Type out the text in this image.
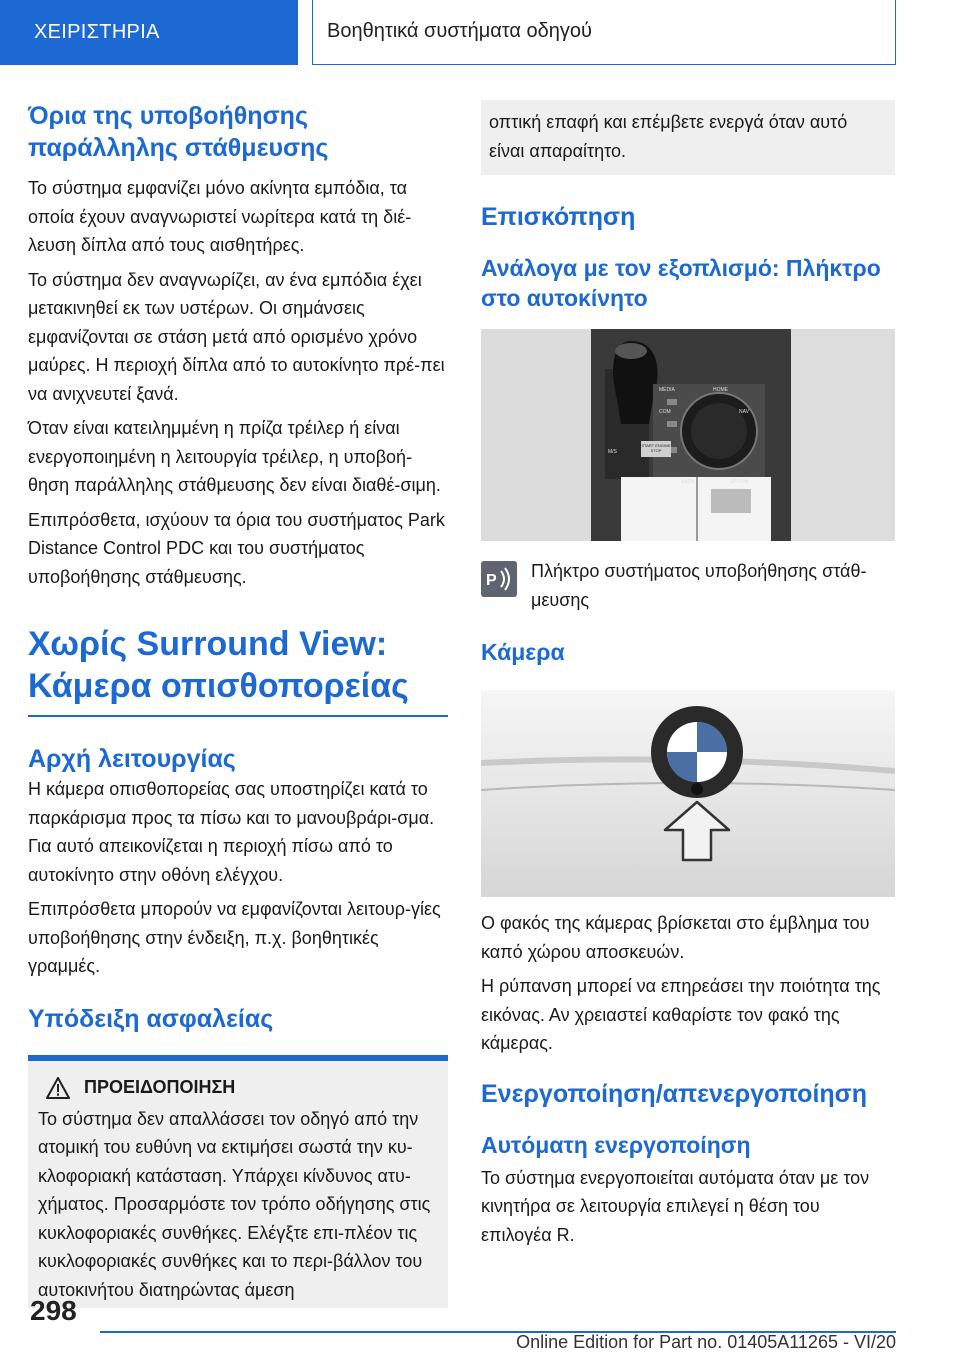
ΧΕΙΡΙΣΤΗΡΙΑ	Βοηθητικά συστήματα οδηγού
Όρια της υποβοήθησης παράλληλης στάθμευσης

Το σύστημα εμφανίζει μόνο ακίνητα εμπόδια, τα οποία έχουν αναγνωριστεί νωρίτερα κατά τη διέ-λευση δίπλα από τους αισθητήρες.

Το σύστημα δεν αναγνωρίζει, αν ένα εμπόδια έχει μετακινηθεί εκ των υστέρων. Οι σημάνσεις εμφανίζονται σε στάση μετά από ορισμένο χρόνο μαύρες. Η περιοχή δίπλα από το αυτοκίνητο πρέ-πει να ανιχνευτεί ξανά.

Όταν είναι κατειλημμένη η πρίζα τρέιλερ ή είναι ενεργοποιημένη η λειτουργία τρέιλερ, η υποβοή-θηση παράλληλης στάθμευσης δεν είναι διαθέ-σιμη.

Επιπρόσθετα, ισχύουν τα όρια του συστήματος Park Distance Control PDC και του συστήματος υποβοήθησης στάθμευσης.

Χωρίς Surround View: Κάμερα οπισθοπορείας
Αρχή λειτουργίας

Η κάμερα οπισθοπορείας σας υποστηρίζει κατά το παρκάρισμα προς τα πίσω και το μανουβράρι-σμα. Για αυτό απεικονίζεται η περιοχή πίσω από το αυτοκίνητο στην οθόνη ελέγχου.

Επιπρόσθετα μπορούν να εμφανίζονται λειτουρ-γίες υποβοήθησης στην ένδειξη, π.χ. βοηθητικές γραμμές.

Υπόδειξη ασφαλείας
ΠΡΟΕΙΔΟΠΟΙΗΣΗ

Το σύστημα δεν απαλλάσσει τον οδηγό από την ατομική του ευθύνη να εκτιμήσει σωστά την κυ-κλοφοριακή κατάσταση. Υπάρχει κίνδυνος ατυ-χήματος. Προσαρμόστε τον τρόπο οδήγησης στις κυκλοφοριακές συνθήκες. Ελέγξτε επι-πλέον τις κυκλοφοριακές συνθήκες και το περι-βάλλον του αυτοκινήτου διατηρώντας άμεση

οπτική επαφή και επέμβετε ενεργά όταν αυτό είναι απαραίτητο.

Επισκόπηση
Ανάλογα με τον εξοπλισμό: Πλήκτρο στο αυτοκίνητο
MEDIA	HOME
COM	NAV
BACK	OPTION
START ENGINE STOP
M/S
P Πλήκτρο συστήματος υποβοήθησης στάθ-μευσης

Κάμερα

Ο φακός της κάμερας βρίσκεται στο έμβλημα του καπό χώρου αποσκευών.

Η ρύπανση μπορεί να επηρεάσει την ποιότητα της εικόνας. Αν χρειαστεί καθαρίστε τον φακό της κάμερας.

Ενεργοποίηση/απενεργοποίηση
Αυτόματη ενεργοποίηση

Το σύστημα ενεργοποιείται αυτόματα όταν με τον κινητήρα σε λειτουργία επιλεγεί η θέση του επιλογέα R.

298
Online Edition for Part no. 01405A11265 - VI/20
